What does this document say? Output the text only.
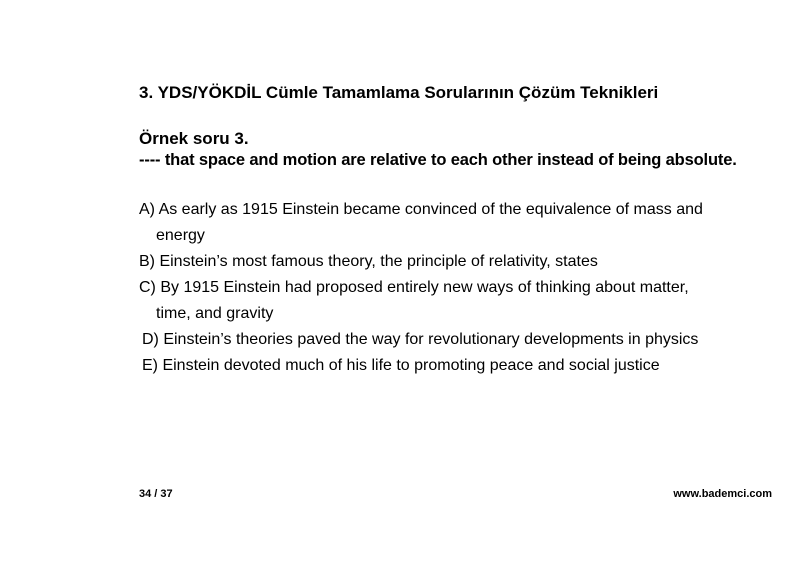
3. YDS/YÖKDİL Cümle Tamamlama Sorularının Çözüm Teknikleri
Örnek soru 3.
---- that space and motion are relative to each other instead of being absolute.
A) As early as 1915 Einstein became convinced of the equivalence of mass and
energy
B) Einstein’s most famous theory, the principle of relativity, states
C) By 1915 Einstein had proposed entirely new ways of thinking about matter,
time, and gravity
D) Einstein’s theories paved the way for revolutionary developments in physics
E) Einstein devoted much of his life to promoting peace and social justice
34 / 37	www.bademci.com
